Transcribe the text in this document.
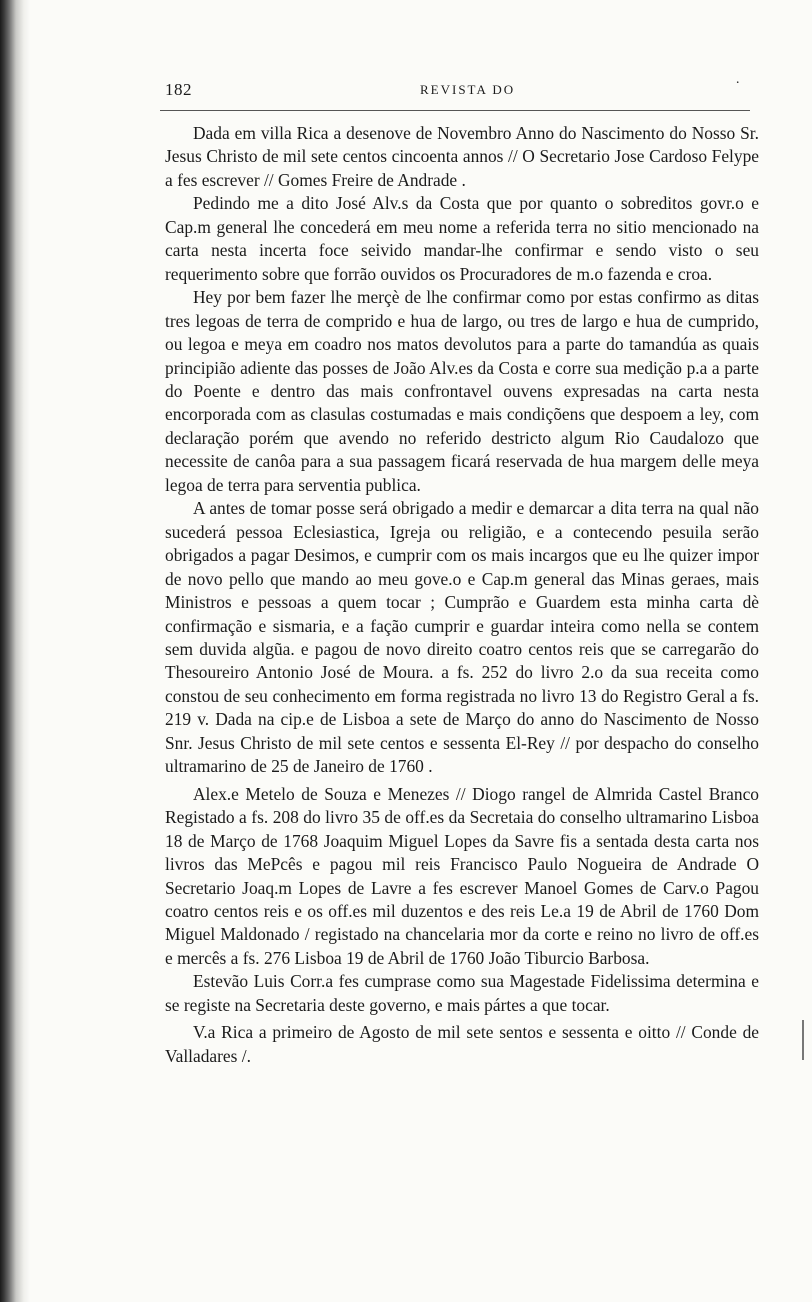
182	REVISTA DO	·

Dada em villa Rica a desenove de Novembro Anno do Nascimento do Nosso Sr. Jesus Christo de mil sete centos cincoenta annos // O Secretario Jose Cardoso Felype a fes escrever // Gomes Freire de Andrade .

Pedindo me a dito José Alv.s da Costa que por quanto o sobreditos govr.o e Cap.m general lhe concederá em meu nome a referida terra no sitio mencionado na carta nesta incerta foce seivido mandar-lhe confirmar e sendo visto o seu requerimento sobre que forrão ouvidos os Procuradores de m.o fazenda e croa.

Hey por bem fazer lhe merçè de lhe confirmar como por estas confirmo as ditas tres legoas de terra de comprido e hua de largo, ou tres de largo e hua de cumprido, ou legoa e meya em coadro nos matos devolutos para a parte do tamandúa as quais principião adiente das posses de João Alv.es da Costa e corre sua medição p.a a parte do Poente e dentro das mais confrontavel ouvens expresadas na carta nesta encorporada com as clasulas costumadas e mais condiçõens que despoem a ley, com declaração porém que avendo no referido destricto algum Rio Caudalozo que necessite de canôa para a sua passagem ficará reservada de hua margem delle meya legoa de terra para serventia publica.

A antes de tomar posse será obrigado a medir e demarcar a dita terra na qual não sucederá pessoa Eclesiastica, Igreja ou religião, e a contecendo pesuila serão obrigados a pagar Desimos, e cumprir com os mais incargos que eu lhe quizer impor de novo pello que mando ao meu gove.o e Cap.m general das Minas geraes, mais Ministros e pessoas a quem tocar ; Cumprão e Guardem esta minha carta dè confirmação e sismaria, e a fação cumprir e guardar inteira como nella se contem sem duvida algũa. e pagou de novo direito coatro centos reis que se carregarão do Thesoureiro Antonio José de Moura. a fs. 252 do livro 2.o da sua receita como constou de seu conhecimento em forma registrada no livro 13 do Registro Geral a fs. 219 v. Dada na cip.e de Lisboa a sete de Março do anno do Nascimento de Nosso Snr. Jesus Christo de mil sete centos e sessenta El-Rey // por despacho do conselho ultramarino de 25 de Janeiro de 1760 .

Alex.e Metelo de Souza e Menezes // Diogo rangel de Almrida Castel Branco Registado a fs. 208 do livro 35 de off.es da Secretaia do conselho ultramarino Lisboa 18 de Março de 1768 Joaquim Miguel Lopes da Savre fis a sentada desta carta nos livros das MePcês e pagou mil reis Francisco Paulo Nogueira de Andrade O Secretario Joaq.m Lopes de Lavre a fes escrever Manoel Gomes de Carv.o Pagou coatro centos reis e os off.es mil duzentos e des reis Le.a 19 de Abril de 1760 Dom Miguel Maldonado / registado na chancelaria mor da corte e reino no livro de off.es e mercês a fs. 276 Lisboa 19 de Abril de 1760 João Tiburcio Barbosa.

Estevão Luis Corr.a fes cumprase como sua Magestade Fidelissima determina e se registe na Secretaria deste governo, e mais pártes a que tocar.

V.a Rica a primeiro de Agosto de mil sete sentos e sessenta e oitto // Conde de Valladares /.
